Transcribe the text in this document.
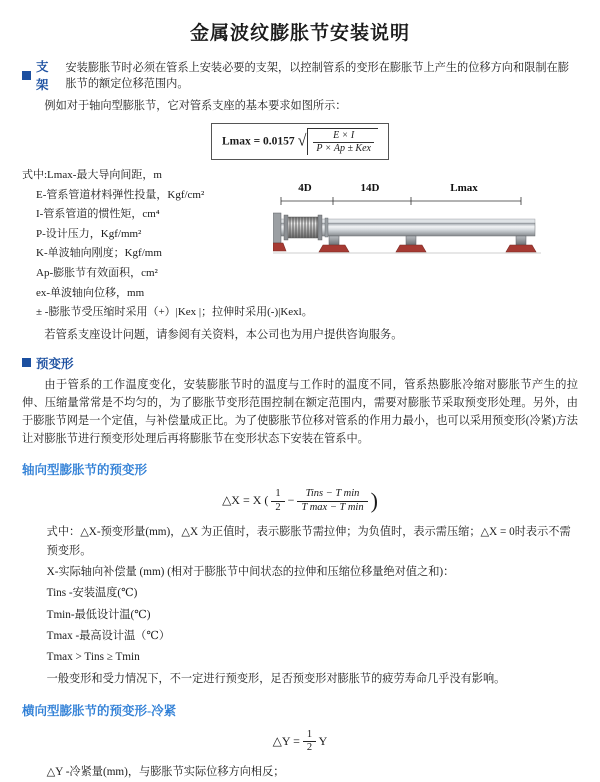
金属波纹膨胀节安装说明
支架
安装膨胀节时必须在管系上安装必要的支架，以控制管系的变形在膨胀节上产生的位移方向和限制在膨胀节的额定位移范围内。
例如对于轴向型膨胀节，它对管系支座的基本要求如图所示：
Lmax = 0.0157 √ $\frac{E \times I}{\text{P × Ap ± Kex}}$
式中:Lmax-最大导向间距，m
E-管系管道材料弹性投量，Kgf/cm²
I-管系管道的惯性矩，cm⁴
P-设计压力，Kgf/mm²
K-单波轴向刚度；Kgf/mm
Ap-膨胀节有效面积，cm²
ex-单波轴向位移，mm
± -膨胀节受压缩时采用（+）|Kex |；拉伸时采用(-)|Kexl。
4D	14D	Lmax
若管系支座设计问题，请参阅有关资料，本公司也为用户提供咨询服务。
预变形
由于管系的工作温度变化，安装膨胀节时的温度与工作时的温度不同，管系热膨胀冷缩对膨胀节产生的拉伸、压缩量常常是不均匀的，为了膨胀节变形范围控制在额定范围内，需要对膨胀节采取预变形处理。另外，由于膨胀节网是一个定值，与补偿量成正比。为了使膨胀节位移对管系的作用力最小，也可以采用预变形(冷紧)方法让对膨胀节进行预变形处理后再将膨胀节在变形状态下安装在管系中。
轴向型膨胀节的预变形
△X = X ( $\frac{1}{2} - \frac{\text{Tins − T min}}{\text{T max − T min}}$ )
式中：△X-预变形量(mm)，△X 为正值时，表示膨胀节需拉伸；为负值时，表示需压缩；△X = 0时表示不需预变形。
X-实际轴向补偿量 (mm) (相对于膨胀节中间状态的拉伸和压缩位移量绝对值之和)：
Tins -安装温度(℃)
Tmin-最低设计温(℃)
Tmax -最高设计温（℃）
Tmax > Tins ≥ Tmin
一般变形和受力情况下，不一定进行预变形，足否预变形对膨胀节的疲劳寿命几乎没有影响。
横向型膨胀节的预变形-冷紧
△Y = $\frac{1}{2}$ Y
△Y -冷紧量(mm)，与膨胀节实际位移方向相反；
